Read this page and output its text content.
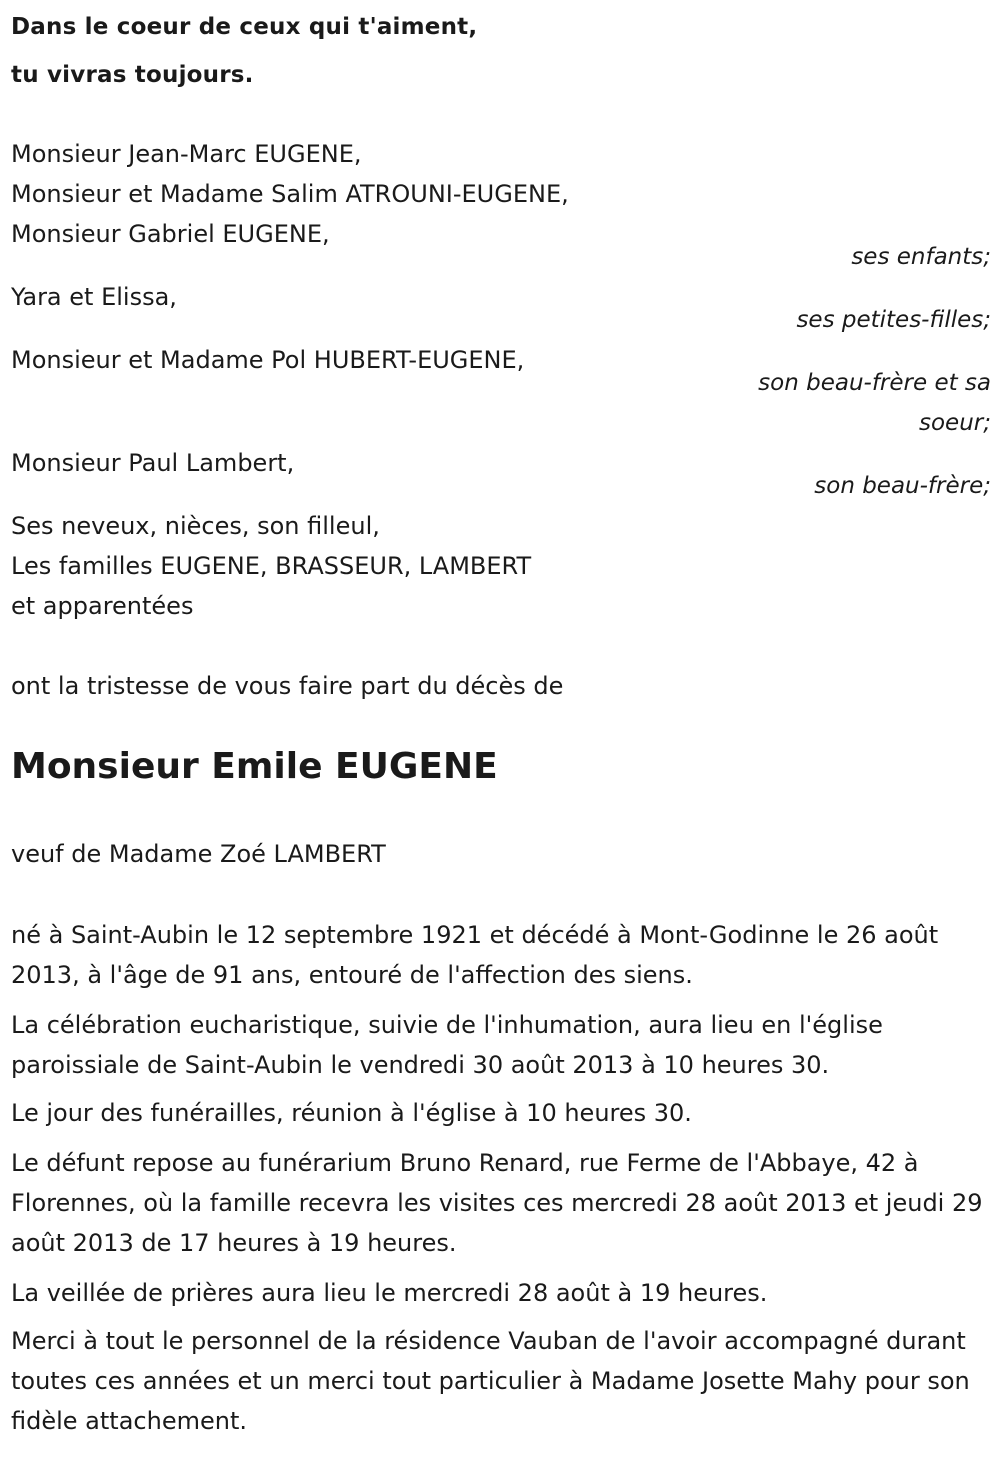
Dans le coeur de ceux qui t'aiment,
tu vivras toujours.
Monsieur Jean-Marc EUGENE,
Monsieur et Madame Salim ATROUNI-EUGENE,
Monsieur Gabriel EUGENE,
ses enfants;
Yara et Elissa,
ses petites-filles;
Monsieur et Madame Pol HUBERT-EUGENE,
son beau-frère et sa
soeur;
Monsieur Paul Lambert,
son beau-frère;
Ses neveux, nièces, son filleul,
Les familles EUGENE, BRASSEUR, LAMBERT
et apparentées
ont la tristesse de vous faire part du décès de
Monsieur Emile EUGENE
veuf de Madame Zoé LAMBERT
né à Saint-Aubin le 12 septembre 1921 et décédé à Mont-Godinne le 26 août 2013, à l'âge de 91 ans, entouré de l'affection des siens.
La célébration eucharistique, suivie de l'inhumation, aura lieu en l'église paroissiale de Saint-Aubin le vendredi 30 août 2013 à 10 heures 30.
Le jour des funérailles, réunion à l'église à 10 heures 30.
Le défunt repose au funérarium Bruno Renard, rue Ferme de l'Abbaye, 42 à Florennes, où la famille recevra les visites ces mercredi 28 août 2013 et jeudi 29 août 2013 de 17 heures à 19 heures.
La veillée de prières aura lieu le mercredi 28 août à 19 heures.
Merci à tout le personnel de la résidence Vauban de l'avoir accompagné durant toutes ces années et un merci tout particulier à Madame Josette Mahy pour son fidèle attachement.
